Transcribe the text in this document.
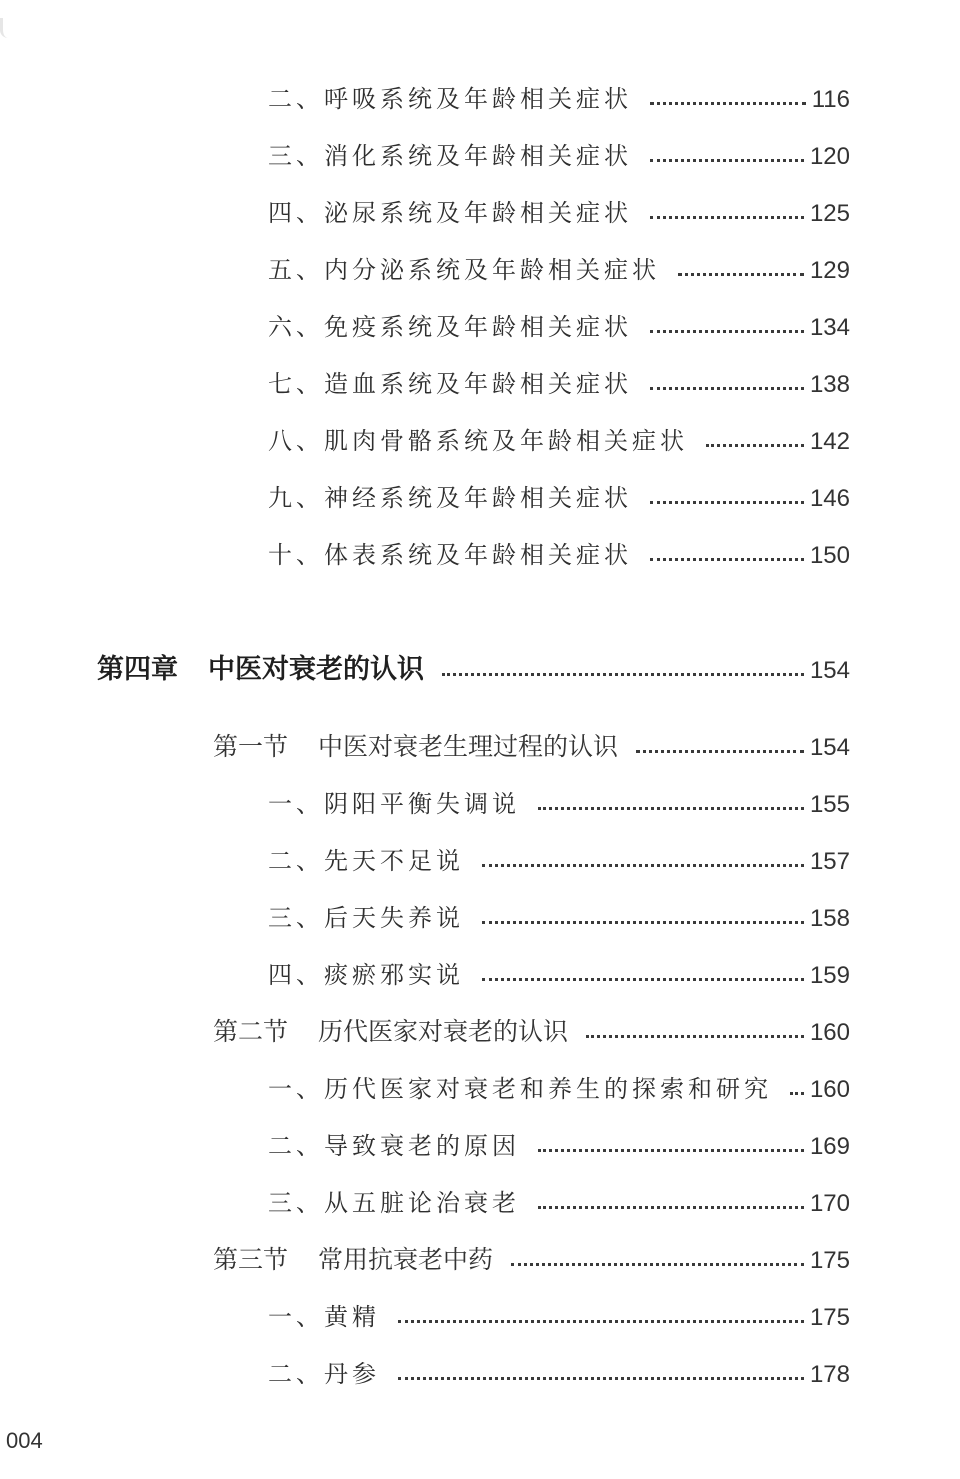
二、呼吸系统及年龄相关症状	116
三、消化系统及年龄相关症状	120
四、泌尿系统及年龄相关症状	125
五、内分泌系统及年龄相关症状	129
六、免疫系统及年龄相关症状	134
七、造血系统及年龄相关症状	138
八、肌肉骨骼系统及年龄相关症状	142
九、神经系统及年龄相关症状	146
十、体表系统及年龄相关症状	150
第四章 中医对衰老的认识	154
第一节 中医对衰老生理过程的认识	154
一、阴阳平衡失调说	155
二、先天不足说	157
三、后天失养说	158
四、痰瘀邪实说	159
第二节 历代医家对衰老的认识	160
一、历代医家对衰老和养生的探索和研究 160
二、导致衰老的原因	169
三、从五脏论治衰老	170
第三节 常用抗衰老中药	175
一、黄精	175
二、丹参	178
004
